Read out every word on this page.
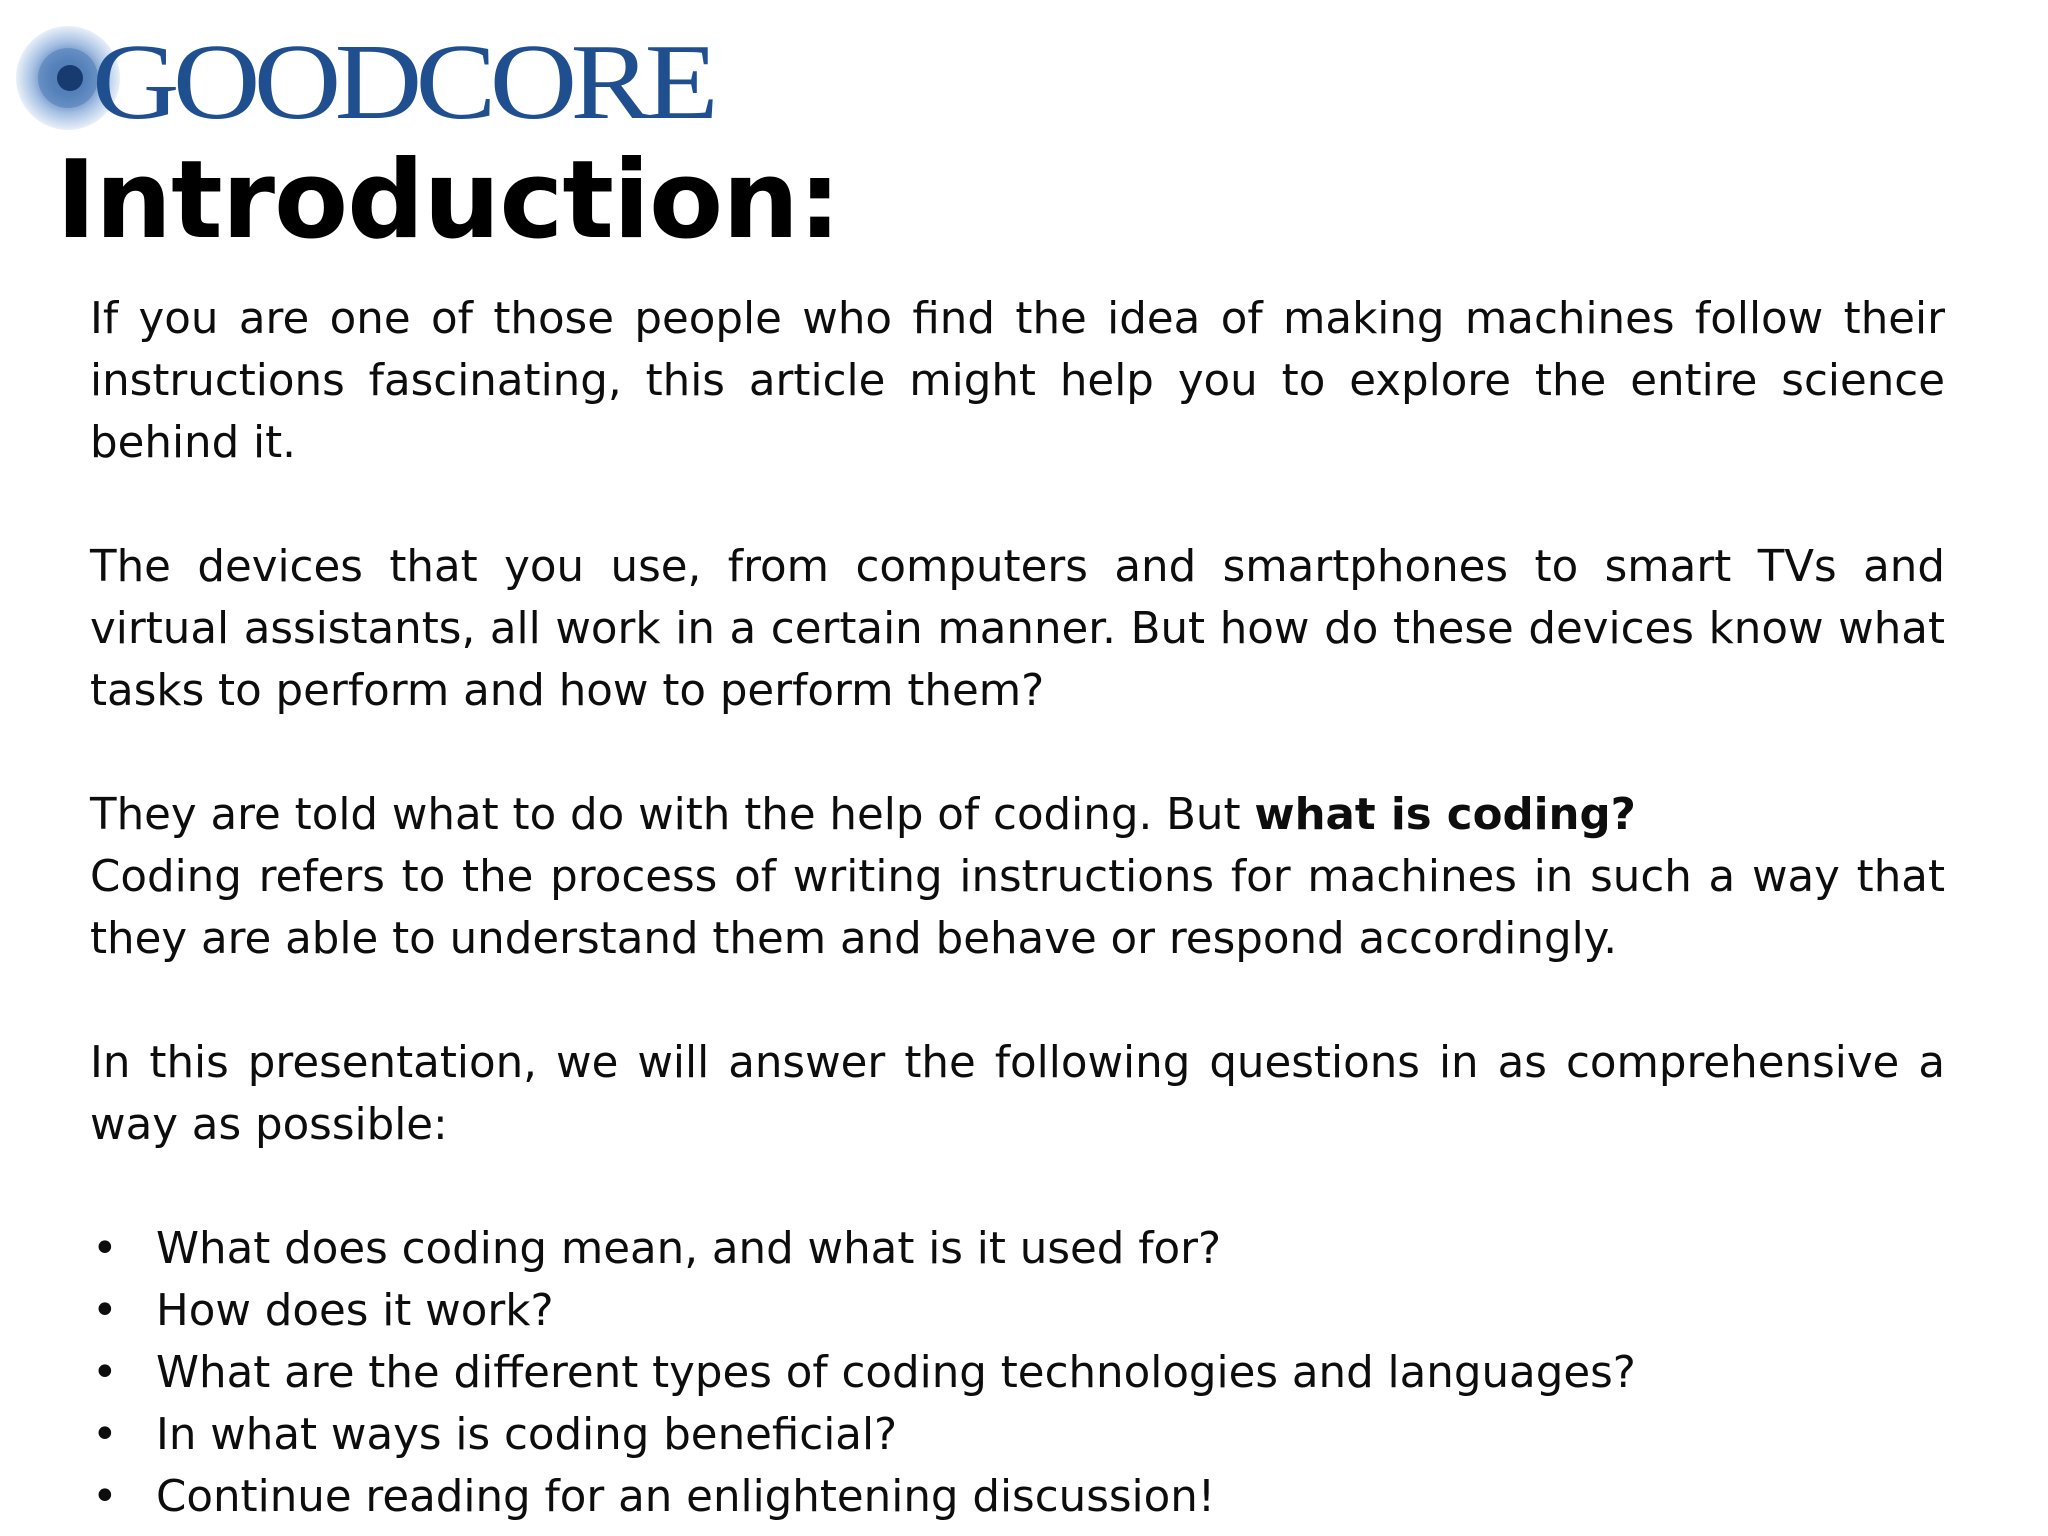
GOODCORE
Introduction:

If you are one of those people who find the idea of making machines follow their instructions fascinating, this article might help you to explore the entire science behind it.

The devices that you use, from computers and smartphones to smart TVs and virtual assistants, all work in a certain manner. But how do these devices know what tasks to perform and how to perform them?

They are told what to do with the help of coding. But what is coding?

Coding refers to the process of writing instructions for machines in such a way that they are able to understand them and behave or respond accordingly.

In this presentation, we will answer the following questions in as comprehensive a way as possible:

• What does coding mean, and what is it used for?
• How does it work?
• What are the different types of coding technologies and languages?
• In what ways is coding beneficial?
• Continue reading for an enlightening discussion!
